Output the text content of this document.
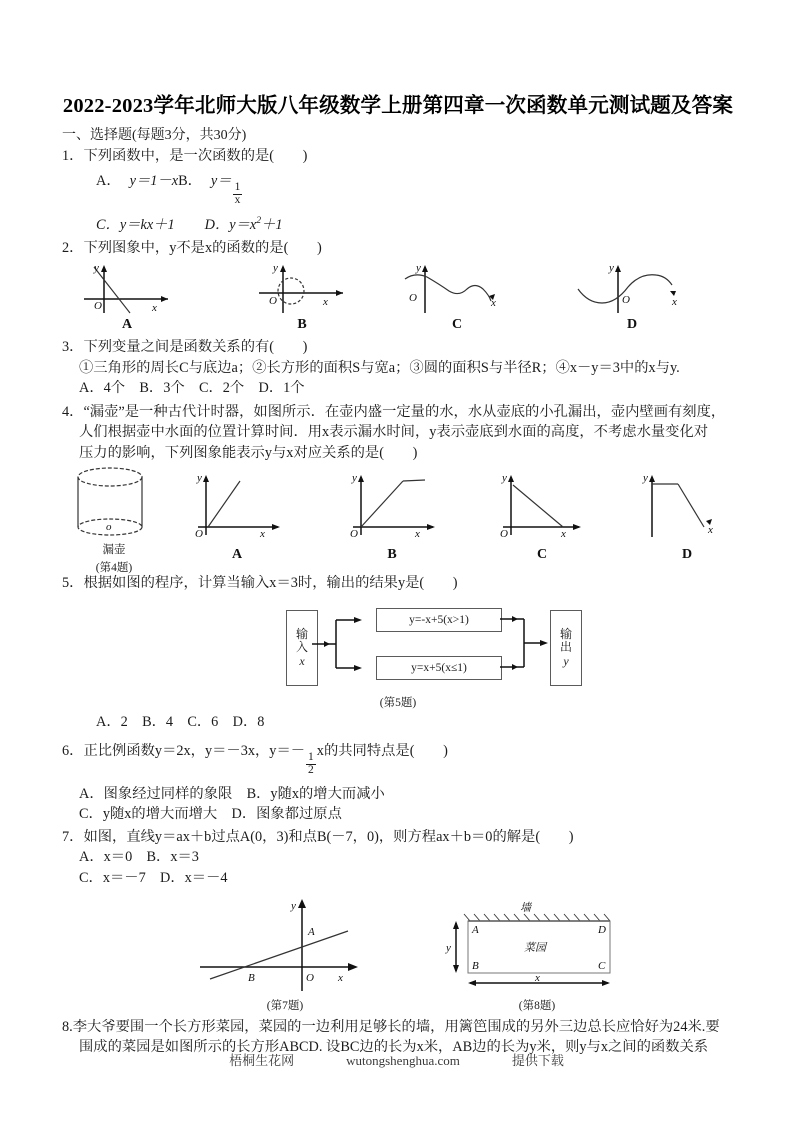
2022-2023学年北师大版八年级数学上册第四章一次函数单元测试题及答案
一、选择题(每题3分，共30分)
1．下列函数中，是一次函数的是(　　)
A． y＝1－xB． y＝
$\frac{1}{x}$
C．y＝kx＋1 D．$y=x^2+1$
2．下列图象中，y不是x的函数的是(　　)
O	x
y
A
O	x
y
B
O	x
y
C
O	x
y
D
3．下列变量之间是函数关系的有(　　)
①三角形的周长C与底边a；②长方形的面积S与宽a；③圆的面积S与半径R；④x－y＝3中的x与y.
A．4个　B．3个　C．2个　D．1个
4．“漏壶”是一种古代计时器，如图所示．在壶内盛一定量的水，水从壶底的小孔漏出，壶内壁画有刻度，
人们根据壶中水面的位置计算时间．用x表示漏水时间，y表示壶底到水面的高度，不考虑水量变化对
压力的影响，下列图象能表示y与x对应关系的是(　　)
o
漏壶
(第4题)
O	x
y
A
O	x
y
B
O	x
y
C
x
y
D
5．根据如图的程序，计算当输入x＝3时，输出的结果y是(　　)
输
入
x
y=-x+5(x>1)
y=x+5(x≤1)
输
出
y
(第5题)
A．2　B．4　C．6　D．8
6．正比例函数y＝2x，y＝－3x，y＝－
$\frac{1}{2}$
x的共同特点是(　　)
A．图象经过同样的象限　B．y随x的增大而减小
C．y随x的增大而增大　D．图象都过原点
7．如图，直线y＝ax＋b过点A(0，3)和点B(－7，0)，则方程ax＋b＝0的解是(　　)
A．x＝0　B．x＝3
C．x＝－7　D．x＝－4
A
B	O x
y
(第7题)
墙
A
B	C
D
菜园
y
x
(第8题)
8.李大爷要围一个长方形菜园，菜园的一边利用足够长的墙，用篱笆围成的另外三边总长应恰好为24米.要
围成的菜园是如图所示的长方形ABCD. 设BC边的长为x米，AB边的长为y米，则y与x之间的函数关系
梧桐生花网	wutongshenghua.com	提供下载
